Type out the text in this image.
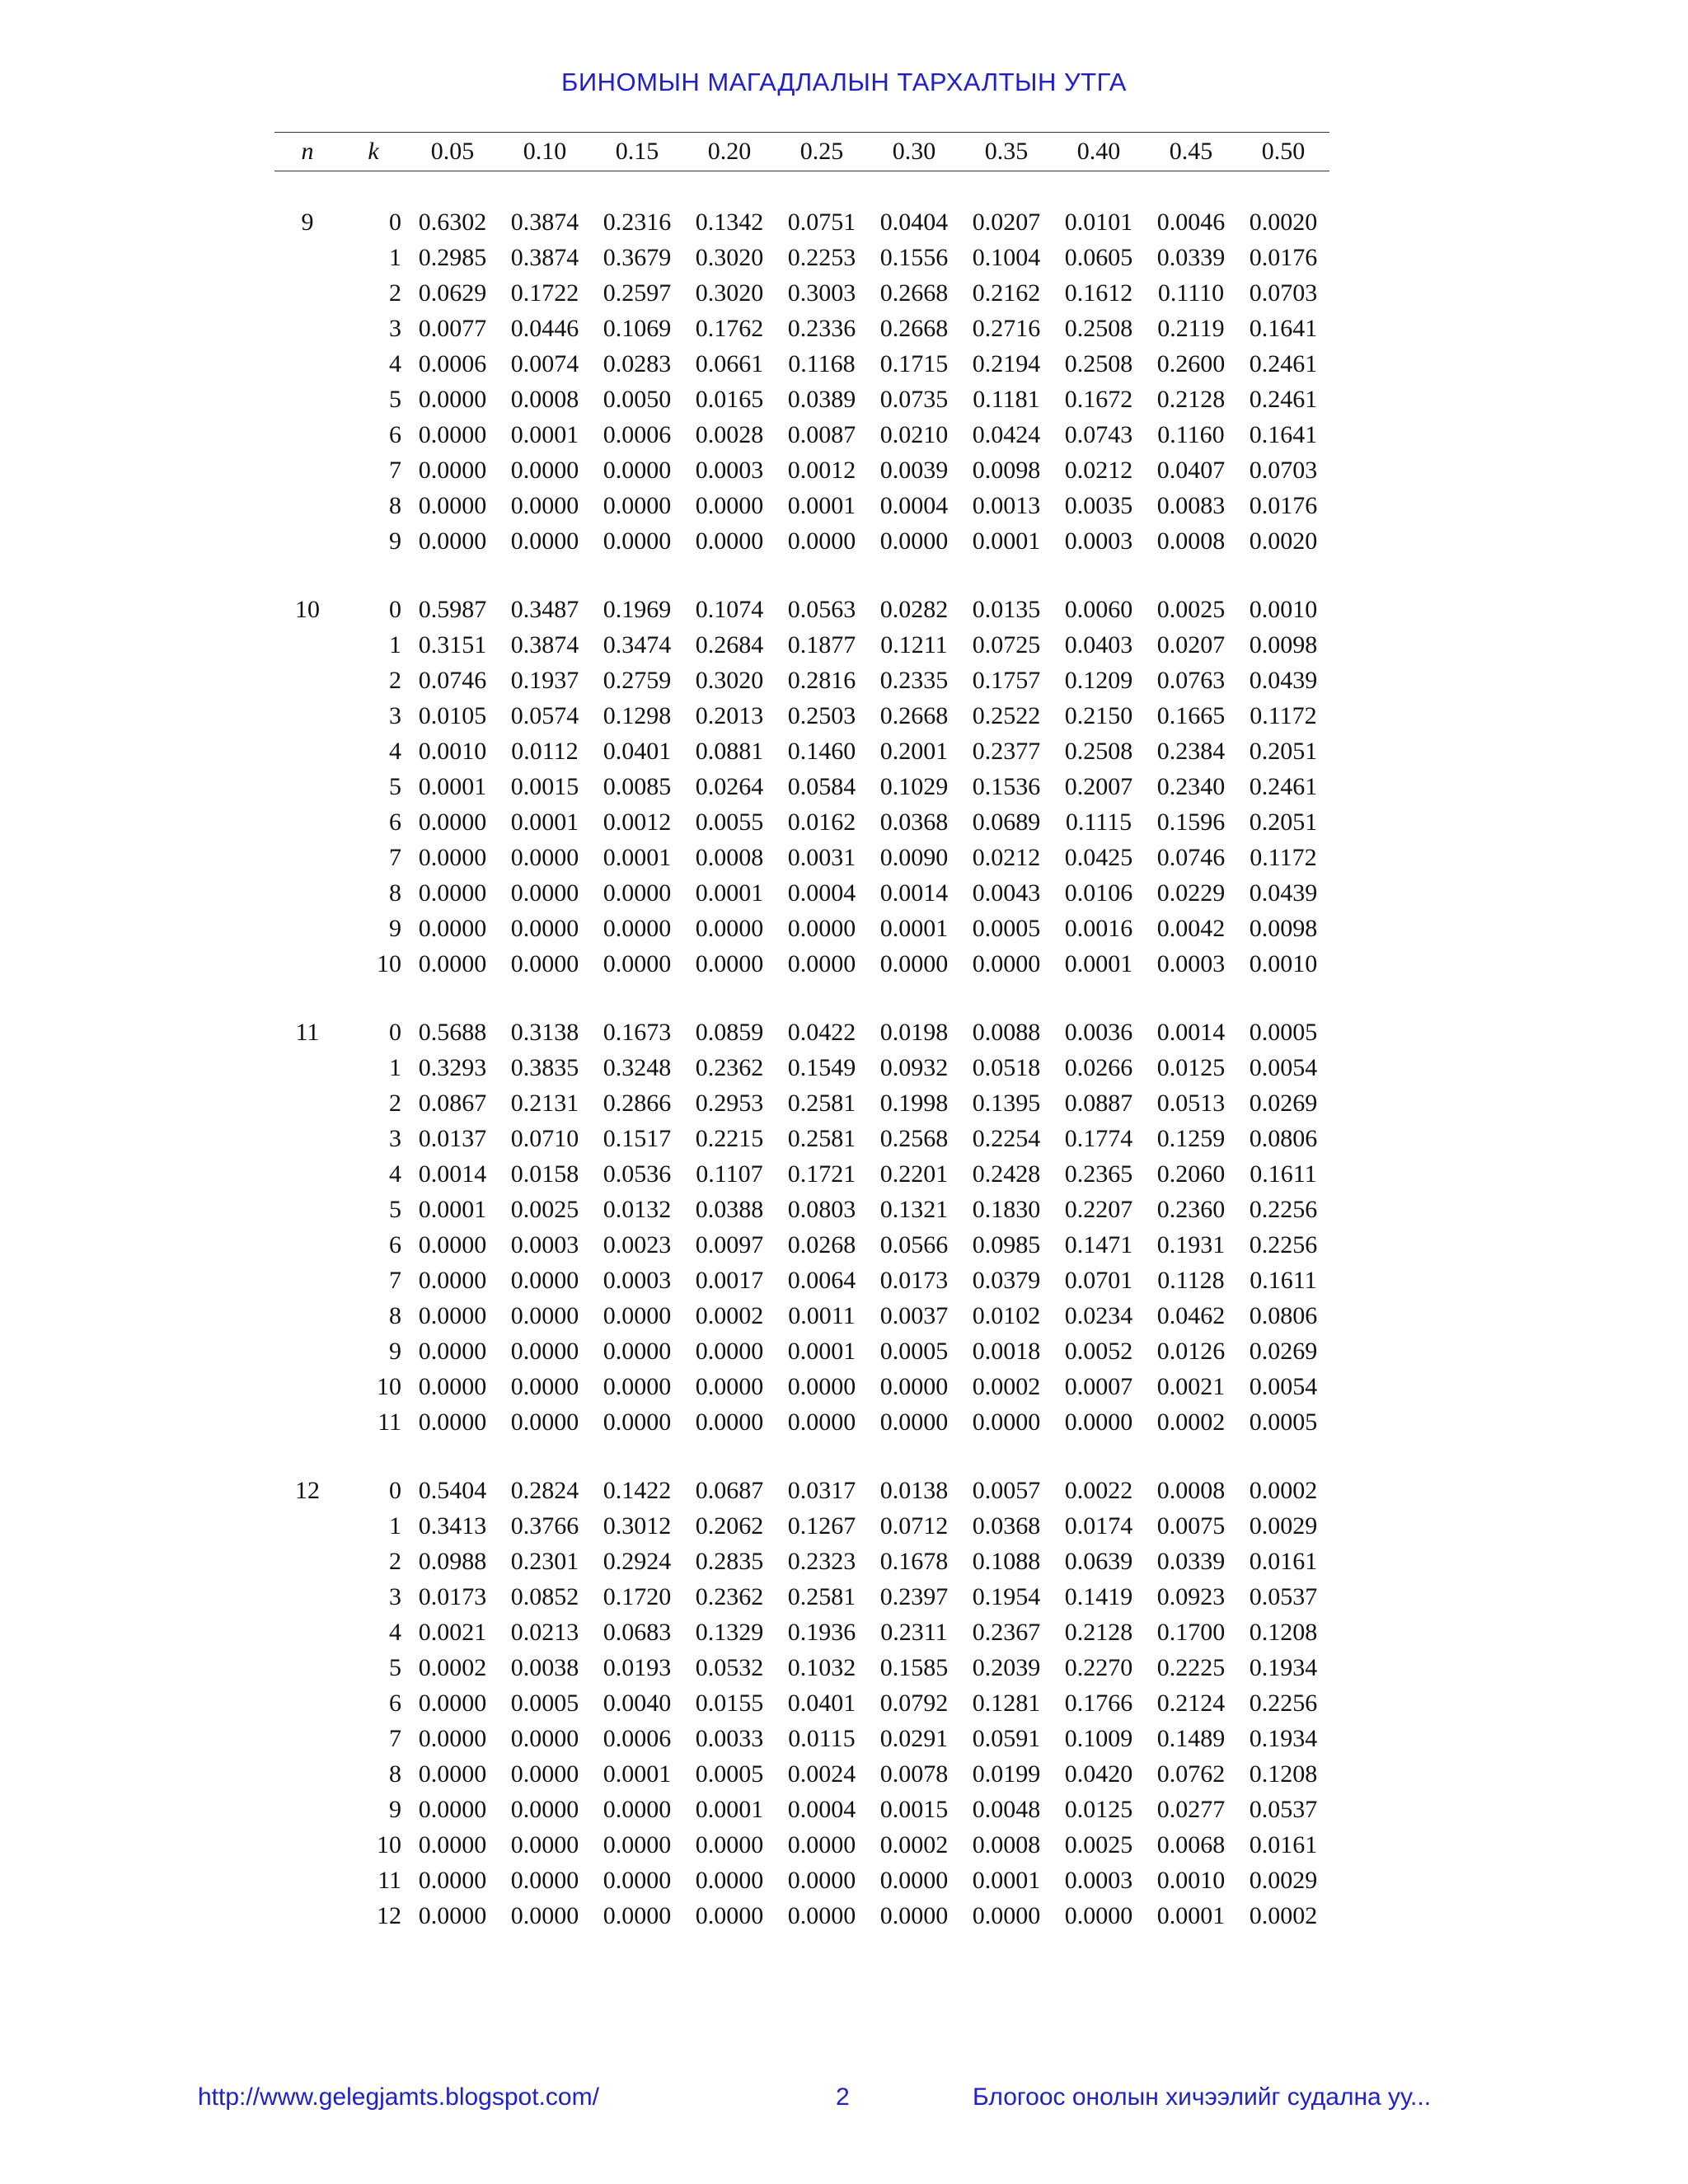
БИНОМЫН МАГАДЛАЛЫН ТАРХАЛТЫН УТГА
n	k	0.05	0.10	0.15	0.20	0.25	0.30	0.35	0.40	0.45	0.50
9	0	0.6302	0.3874	0.2316	0.1342	0.0751	0.0404	0.0207	0.0101	0.0046	0.0020
	1	0.2985	0.3874	0.3679	0.3020	0.2253	0.1556	0.1004	0.0605	0.0339	0.0176
	2	0.0629	0.1722	0.2597	0.3020	0.3003	0.2668	0.2162	0.1612	0.1110	0.0703
	3	0.0077	0.0446	0.1069	0.1762	0.2336	0.2668	0.2716	0.2508	0.2119	0.1641
	4	0.0006	0.0074	0.0283	0.0661	0.1168	0.1715	0.2194	0.2508	0.2600	0.2461
	5	0.0000	0.0008	0.0050	0.0165	0.0389	0.0735	0.1181	0.1672	0.2128	0.2461
	6	0.0000	0.0001	0.0006	0.0028	0.0087	0.0210	0.0424	0.0743	0.1160	0.1641
	7	0.0000	0.0000	0.0000	0.0003	0.0012	0.0039	0.0098	0.0212	0.0407	0.0703
	8	0.0000	0.0000	0.0000	0.0000	0.0001	0.0004	0.0013	0.0035	0.0083	0.0176
	9	0.0000	0.0000	0.0000	0.0000	0.0000	0.0000	0.0001	0.0003	0.0008	0.0020
10	0	0.5987	0.3487	0.1969	0.1074	0.0563	0.0282	0.0135	0.0060	0.0025	0.0010
	1	0.3151	0.3874	0.3474	0.2684	0.1877	0.1211	0.0725	0.0403	0.0207	0.0098
	2	0.0746	0.1937	0.2759	0.3020	0.2816	0.2335	0.1757	0.1209	0.0763	0.0439
	3	0.0105	0.0574	0.1298	0.2013	0.2503	0.2668	0.2522	0.2150	0.1665	0.1172
	4	0.0010	0.0112	0.0401	0.0881	0.1460	0.2001	0.2377	0.2508	0.2384	0.2051
	5	0.0001	0.0015	0.0085	0.0264	0.0584	0.1029	0.1536	0.2007	0.2340	0.2461
	6	0.0000	0.0001	0.0012	0.0055	0.0162	0.0368	0.0689	0.1115	0.1596	0.2051
	7	0.0000	0.0000	0.0001	0.0008	0.0031	0.0090	0.0212	0.0425	0.0746	0.1172
	8	0.0000	0.0000	0.0000	0.0001	0.0004	0.0014	0.0043	0.0106	0.0229	0.0439
	9	0.0000	0.0000	0.0000	0.0000	0.0000	0.0001	0.0005	0.0016	0.0042	0.0098
	10	0.0000	0.0000	0.0000	0.0000	0.0000	0.0000	0.0000	0.0001	0.0003	0.0010
11	0	0.5688	0.3138	0.1673	0.0859	0.0422	0.0198	0.0088	0.0036	0.0014	0.0005
	1	0.3293	0.3835	0.3248	0.2362	0.1549	0.0932	0.0518	0.0266	0.0125	0.0054
	2	0.0867	0.2131	0.2866	0.2953	0.2581	0.1998	0.1395	0.0887	0.0513	0.0269
	3	0.0137	0.0710	0.1517	0.2215	0.2581	0.2568	0.2254	0.1774	0.1259	0.0806
	4	0.0014	0.0158	0.0536	0.1107	0.1721	0.2201	0.2428	0.2365	0.2060	0.1611
	5	0.0001	0.0025	0.0132	0.0388	0.0803	0.1321	0.1830	0.2207	0.2360	0.2256
	6	0.0000	0.0003	0.0023	0.0097	0.0268	0.0566	0.0985	0.1471	0.1931	0.2256
	7	0.0000	0.0000	0.0003	0.0017	0.0064	0.0173	0.0379	0.0701	0.1128	0.1611
	8	0.0000	0.0000	0.0000	0.0002	0.0011	0.0037	0.0102	0.0234	0.0462	0.0806
	9	0.0000	0.0000	0.0000	0.0000	0.0001	0.0005	0.0018	0.0052	0.0126	0.0269
	10	0.0000	0.0000	0.0000	0.0000	0.0000	0.0000	0.0002	0.0007	0.0021	0.0054
	11	0.0000	0.0000	0.0000	0.0000	0.0000	0.0000	0.0000	0.0000	0.0002	0.0005
12	0	0.5404	0.2824	0.1422	0.0687	0.0317	0.0138	0.0057	0.0022	0.0008	0.0002
	1	0.3413	0.3766	0.3012	0.2062	0.1267	0.0712	0.0368	0.0174	0.0075	0.0029
	2	0.0988	0.2301	0.2924	0.2835	0.2323	0.1678	0.1088	0.0639	0.0339	0.0161
	3	0.0173	0.0852	0.1720	0.2362	0.2581	0.2397	0.1954	0.1419	0.0923	0.0537
	4	0.0021	0.0213	0.0683	0.1329	0.1936	0.2311	0.2367	0.2128	0.1700	0.1208
	5	0.0002	0.0038	0.0193	0.0532	0.1032	0.1585	0.2039	0.2270	0.2225	0.1934
	6	0.0000	0.0005	0.0040	0.0155	0.0401	0.0792	0.1281	0.1766	0.2124	0.2256
	7	0.0000	0.0000	0.0006	0.0033	0.0115	0.0291	0.0591	0.1009	0.1489	0.1934
	8	0.0000	0.0000	0.0001	0.0005	0.0024	0.0078	0.0199	0.0420	0.0762	0.1208
	9	0.0000	0.0000	0.0000	0.0001	0.0004	0.0015	0.0048	0.0125	0.0277	0.0537
	10	0.0000	0.0000	0.0000	0.0000	0.0000	0.0002	0.0008	0.0025	0.0068	0.0161
	11	0.0000	0.0000	0.0000	0.0000	0.0000	0.0000	0.0001	0.0003	0.0010	0.0029
	12	0.0000	0.0000	0.0000	0.0000	0.0000	0.0000	0.0000	0.0000	0.0001	0.0002
http://www.gelegjamts.blogspot.com/	2	Блогоос онолын хичээлийг судална уу...
